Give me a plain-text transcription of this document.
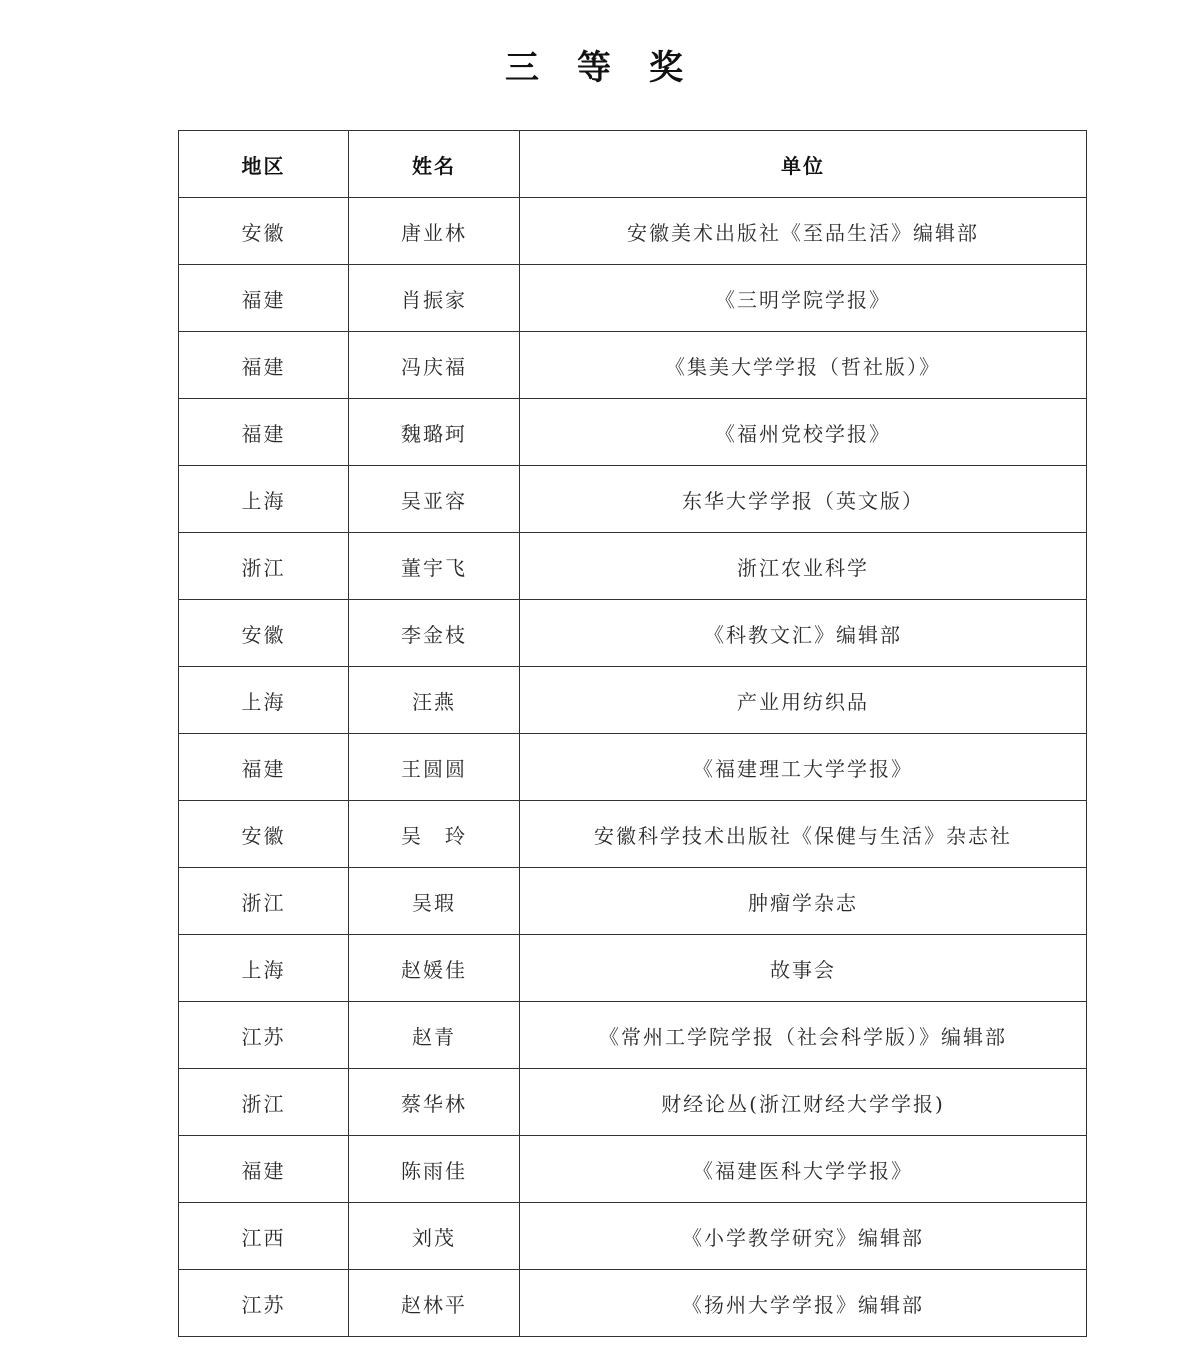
三　等　奖
地区	姓名	单位
安徽	唐业林	安徽美术出版社《至品生活》编辑部
福建	肖振家	《三明学院学报》
福建	冯庆福	《集美大学学报（哲社版）》
福建	魏璐珂	《福州党校学报》
上海	吴亚容	东华大学学报（英文版）
浙江	董宇飞	浙江农业科学
安徽	李金枝	《科教文汇》编辑部
上海	汪燕	产业用纺织品
福建	王圆圆	《福建理工大学学报》
安徽	吴　玲	安徽科学技术出版社《保健与生活》杂志社
浙江	吴瑕	肿瘤学杂志
上海	赵媛佳	故事会
江苏	赵青	《常州工学院学报（社会科学版）》编辑部
浙江	蔡华林	财经论丛(浙江财经大学学报)
福建	陈雨佳	《福建医科大学学报》
江西	刘茂	《小学教学研究》编辑部
江苏	赵林平	《扬州大学学报》编辑部
